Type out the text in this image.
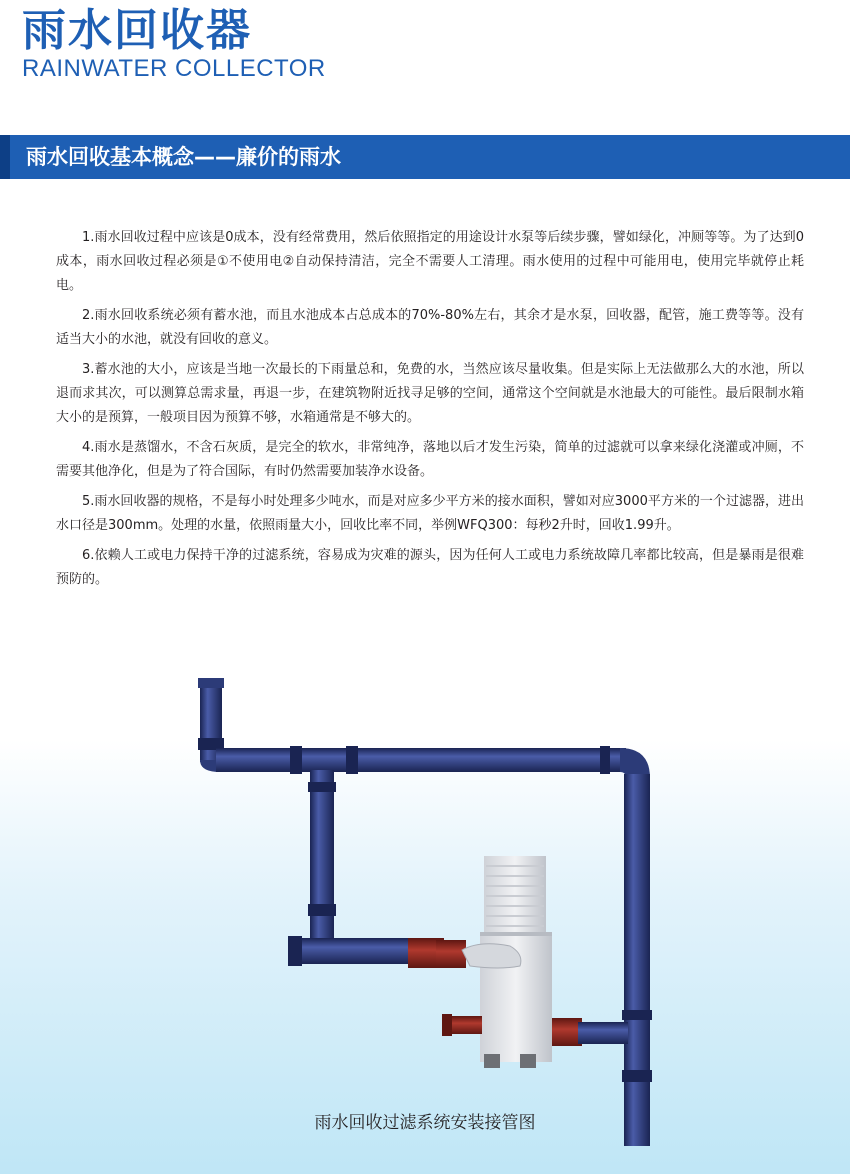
雨水回收器
RAINWATER COLLECTOR
雨水回收基本概念——廉价的雨水

1.雨水回收过程中应该是0成本，没有经常费用，然后依照指定的用途设计水泵等后续步骤，譬如绿化，冲厕等等。为了达到0成本，雨水回收过程必须是①不使用电②自动保持清洁，完全不需要人工清理。雨水使用的过程中可能用电，使用完毕就停止耗电。

2.雨水回收系统必须有蓄水池，而且水池成本占总成本的70%-80%左右，其余才是水泵，回收器，配管，施工费等等。没有适当大小的水池，就没有回收的意义。

3.蓄水池的大小，应该是当地一次最长的下雨量总和，免费的水，当然应该尽量收集。但是实际上无法做那么大的水池，所以退而求其次，可以测算总需求量，再退一步，在建筑物附近找寻足够的空间，通常这个空间就是水池最大的可能性。最后限制水箱大小的是预算，一般项目因为预算不够，水箱通常是不够大的。

4.雨水是蒸馏水，不含石灰质，是完全的软水，非常纯净，落地以后才发生污染，简单的过滤就可以拿来绿化浇灌或冲厕，不需要其他净化，但是为了符合国际，有时仍然需要加装净水设备。

5.雨水回收器的规格，不是每小时处理多少吨水，而是对应多少平方米的接水面积，譬如对应3000平方米的一个过滤器，进出水口径是300mm。处理的水量，依照雨量大小，回收比率不同，举例WFQ300：每秒2升时，回收1.99升。

6.依赖人工或电力保持干净的过滤系统，容易成为灾难的源头，因为任何人工或电力系统故障几率都比较高，但是暴雨是很难预防的。

雨水回收过滤系统安装接管图
